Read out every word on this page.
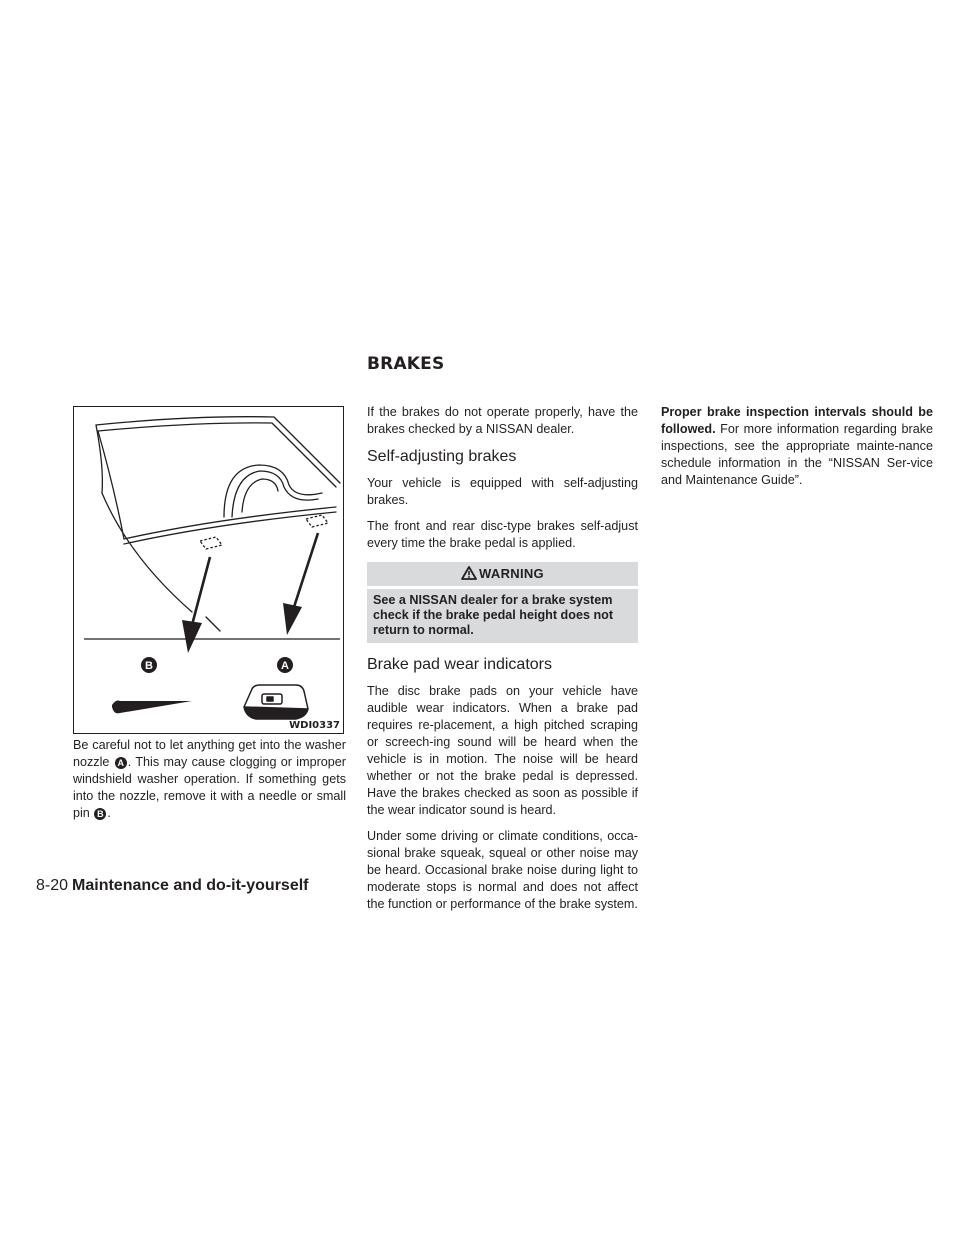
BRAKES
B	A
WDI0337

Be careful not to let anything get into the washer nozzle A . This may cause clogging or improper windshield washer operation. If something gets into the nozzle, remove it with a needle or small pin B .

If the brakes do not operate properly, have the brakes checked by a NISSAN dealer.

Self-adjusting brakes

Your vehicle is equipped with self-adjusting brakes.

The front and rear disc-type brakes self-adjust every time the brake pedal is applied.

WARNING
See a NISSAN dealer for a brake system check if the brake pedal height does not return to normal.
Brake pad wear indicators

The disc brake pads on your vehicle have audible wear indicators. When a brake pad requires re-placement, a high pitched scraping or screech-ing sound will be heard when the vehicle is in motion. The noise will be heard whether or not the brake pedal is depressed. Have the brakes checked as soon as possible if the wear indicator sound is heard.

Under some driving or climate conditions, occa-sional brake squeak, squeal or other noise may be heard. Occasional brake noise during light to moderate stops is normal and does not affect the function or performance of the brake system.

Proper brake inspection intervals should be followed. For more information regarding brake inspections, see the appropriate mainte-nance schedule information in the “NISSAN Ser-vice and Maintenance Guide”.

8-20 Maintenance and do-it-yourself
